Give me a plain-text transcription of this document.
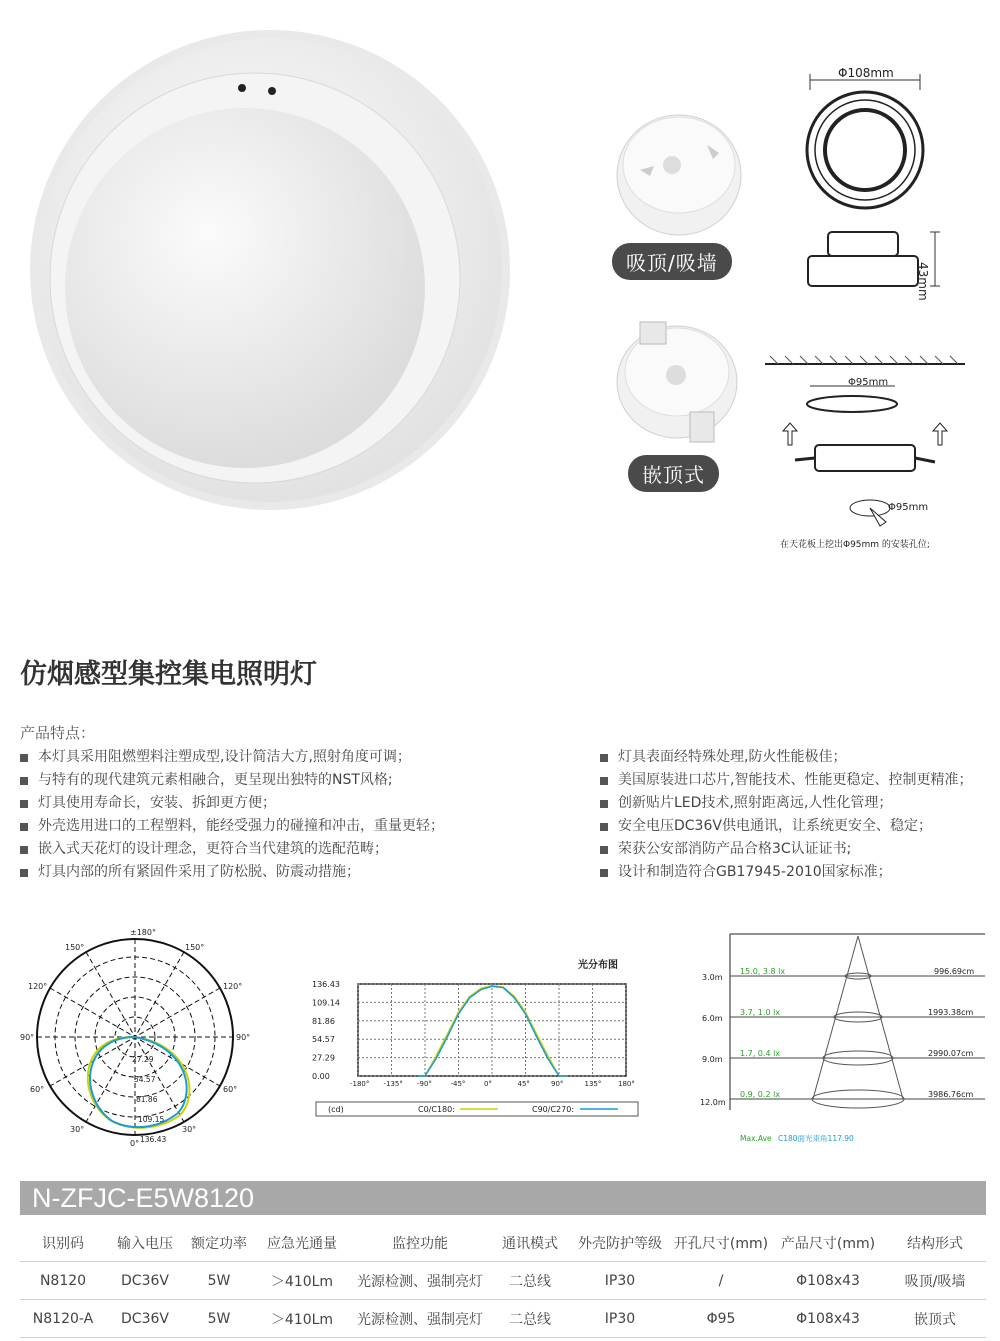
吸顶/吸墙
嵌顶式
Φ108mm
43mm
Φ95mm
Φ95mm
在天花板上挖出Φ95mm 的安装孔位;
仿烟感型集控集电照明灯
产品特点：
本灯具采用阻燃塑料注塑成型,设计简洁大方,照射角度可调；
与特有的现代建筑元素相融合，更呈现出独特的NST风格;
灯具使用寿命长，安装、拆卸更方便；
外壳选用进口的工程塑料，能经受强力的碰撞和冲击，重量更轻；
嵌入式天花灯的设计理念，更符合当代建筑的选配范畴；
灯具内部的所有紧固件采用了防松脱、防震动措施；
灯具表面经特殊处理,防火性能极佳；
美国原装进口芯片,智能技术、性能更稳定、控制更精准；
创新贴片LED技术,照射距离远,人性化管理；
安全电压DC36V供电通讯，让系统更安全、稳定；
荣获公安部消防产品合格3C认证证书;
设计和制造符合GB17945-2010国家标准；
±180°
150°	150°
120°	120°
90°	90°
60°	60°
30°	30°
0°
27.29
54.57
81.86
109.15
136.43
光分布图
136.43
109.14
81.86
54.57
27.29
0.00
-180° -135° -90°	-45°	0°	45°	90°	135° 180°
(cd)	C0/C180:	C90/C270:
3.0m
6.0m
9.0m
12.0m
15.0, 3.8 lx
3.7, 1.0 lx
1.7, 0.4 lx
0.9, 0.2 lx
996.69cm
1993.38cm
2990.07cm
3986.76cm
Max.Ave C180面光束角117.90
N-ZFJC-E5W8120
识别码	输入电压	额定功率	应急光通量	监控功能	通讯模式	外壳防护等级	开孔尺寸(mm)	产品尺寸(mm)	结构形式
N8120	DC36V	5W	＞410Lm	光源检测、强制亮灯	二总线	IP30	/	Φ108x43	吸顶/吸墙
N8120-A	DC36V	5W	＞410Lm	光源检测、强制亮灯	二总线	IP30	Φ95	Φ108x43	嵌顶式
